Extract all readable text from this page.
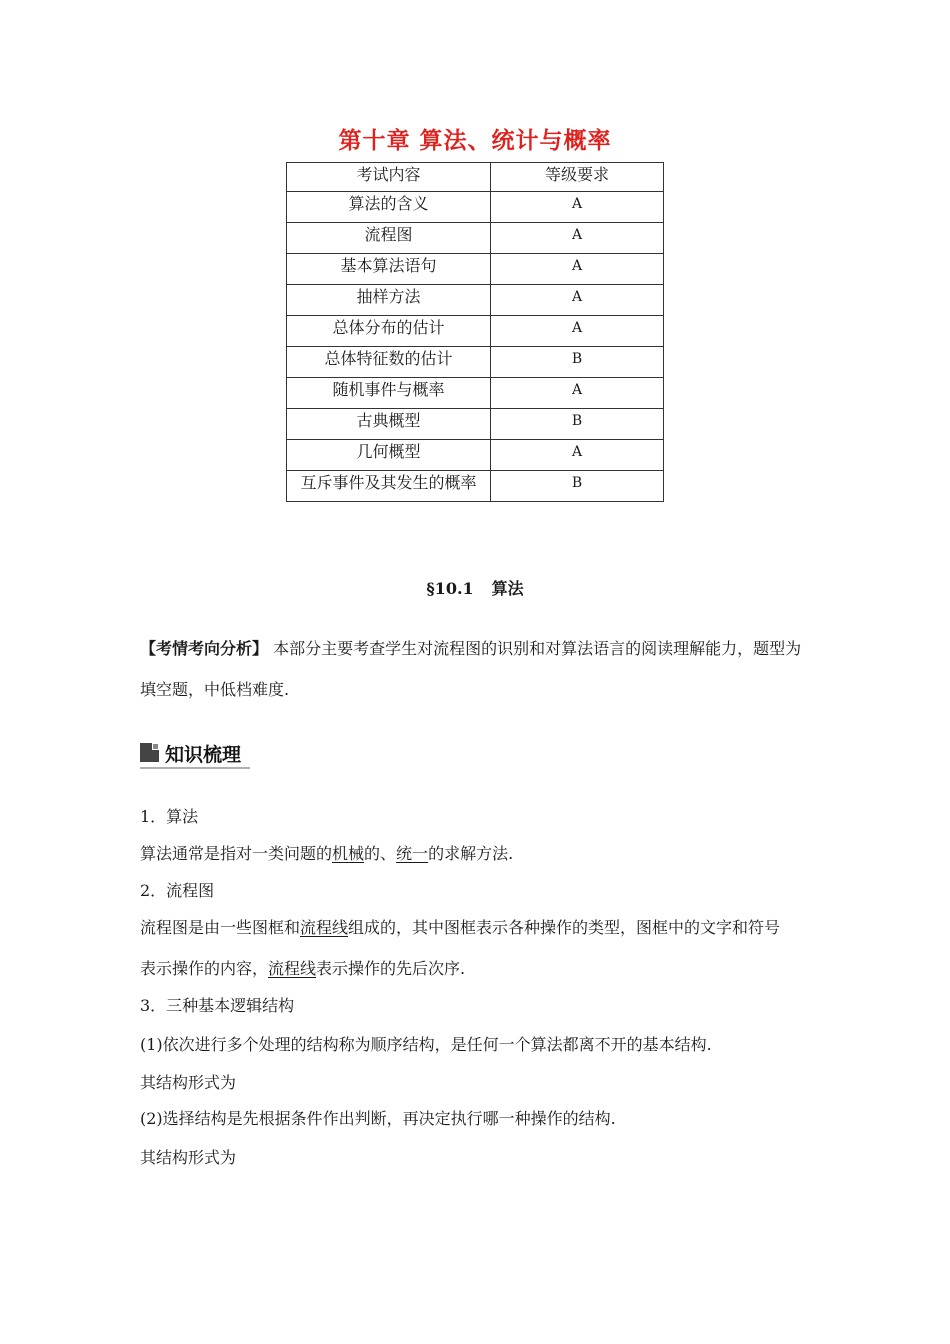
第十章 算法、统计与概率
考试内容	等级要求
算法的含义	A
流程图	A
基本算法语句	A
抽样方法	A
总体分布的估计	A
总体特征数的估计	B
随机事件与概率	A
古典概型	B
几何概型	A
互斥事件及其发生的概率	B
§10.1 算法
【考情考向分析】 本部分主要考查学生对流程图的识别和对算法语言的阅读理解能力，题型为填空题，中低档难度.
知识梳理
1．算法
算法通常是指对一类问题的机械的、统一的求解方法.
2．流程图
流程图是由一些图框和流程线组成的，其中图框表示各种操作的类型，图框中的文字和符号
表示操作的内容，流程线表示操作的先后次序.
3．三种基本逻辑结构
(1)依次进行多个处理的结构称为顺序结构，是任何一个算法都离不开的基本结构.
其结构形式为
(2)选择结构是先根据条件作出判断，再决定执行哪一种操作的结构.
其结构形式为
